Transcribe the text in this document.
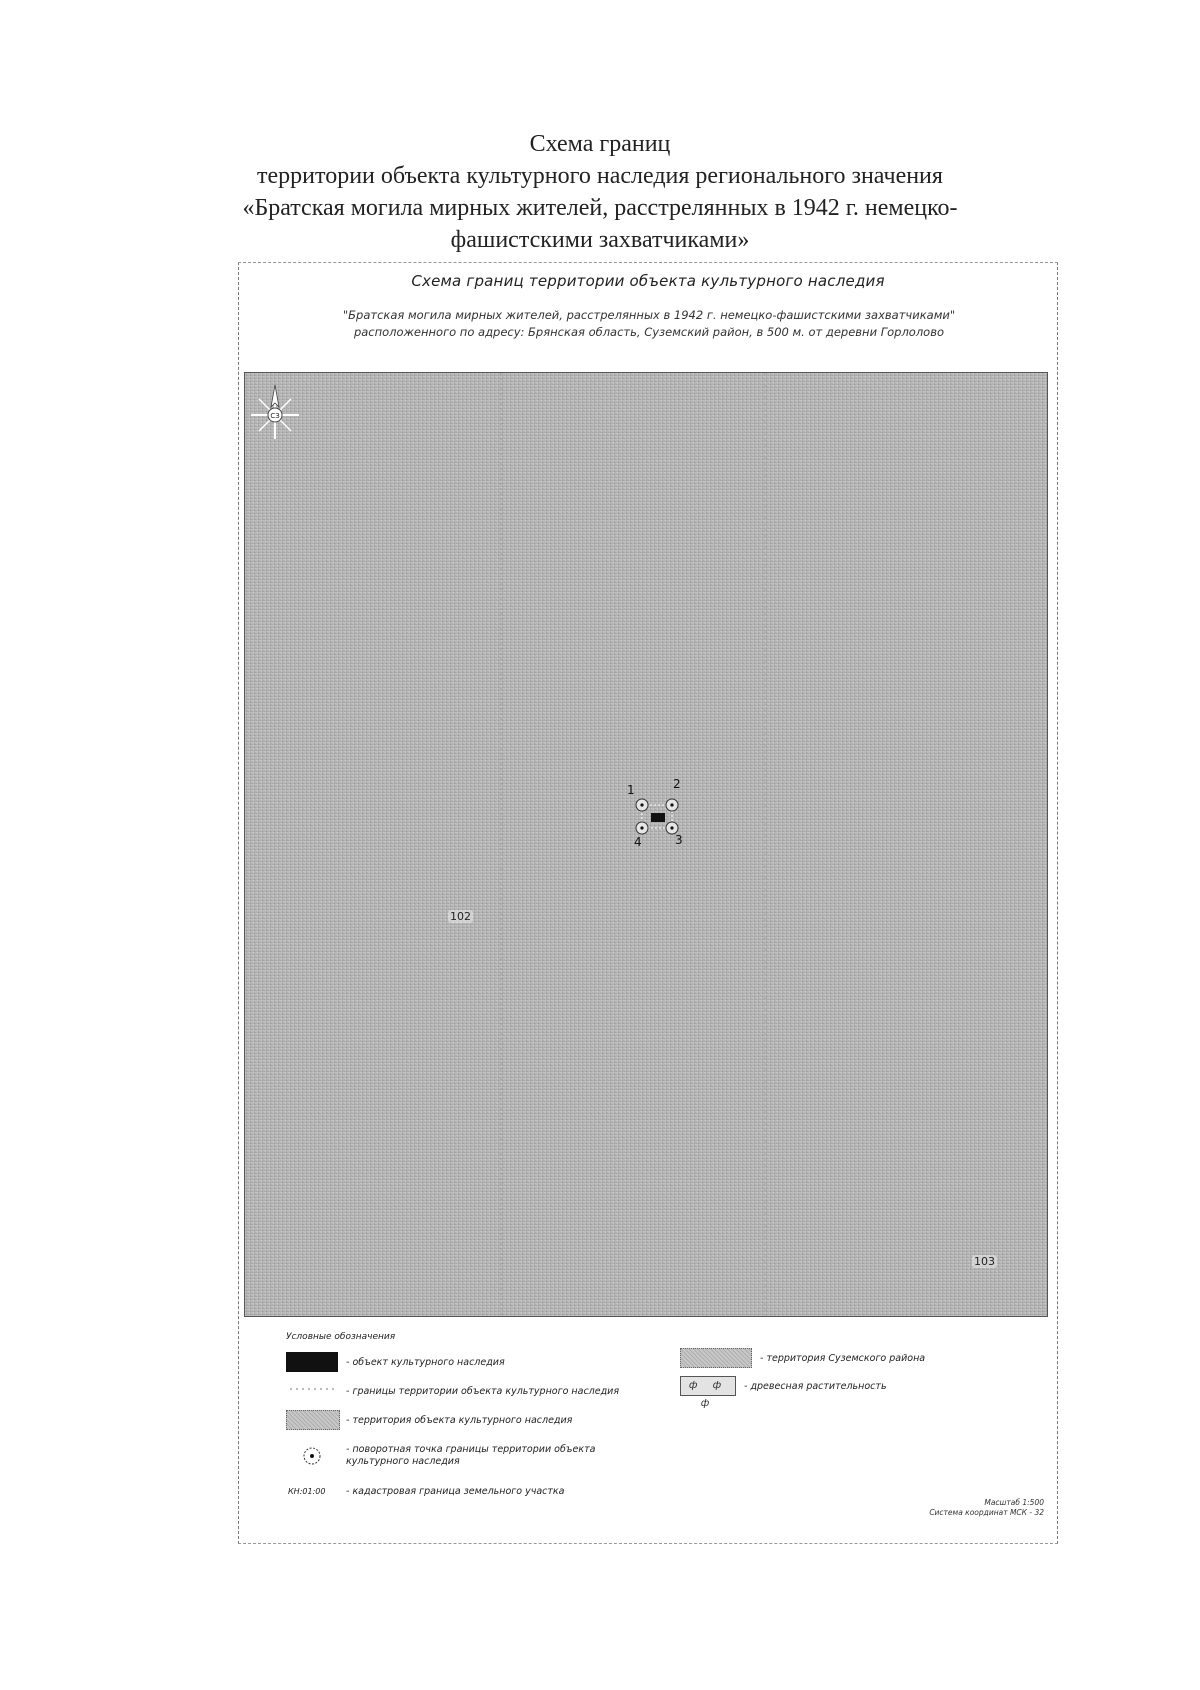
Схема границ
территории объекта культурного наследия регионального значения
«Братская могила мирных жителей, расстрелянных в 1942 г. немецко-
фашистскими захватчиками»
Схема границ территории объекта культурного наследия
"Братская могила мирных жителей, расстрелянных в 1942 г. немецко-фашистскими захватчиками"
расположенного по адресу: Брянская область, Суземский район, в 500 м. от деревни Горлолово
СЗ
1	2
3
4
102
103
Условные обозначения
- объект культурного наследия
- границы территории объекта культурного наследия
- территория объекта культурного наследия
- поворотная точка границы территории объекта
культурного наследия
КН:01:00 - кадастровая граница земельного участка
- территория Суземского района
ф ф ф
- древесная растительность
Масштаб 1:500
Система координат МСК - 32
